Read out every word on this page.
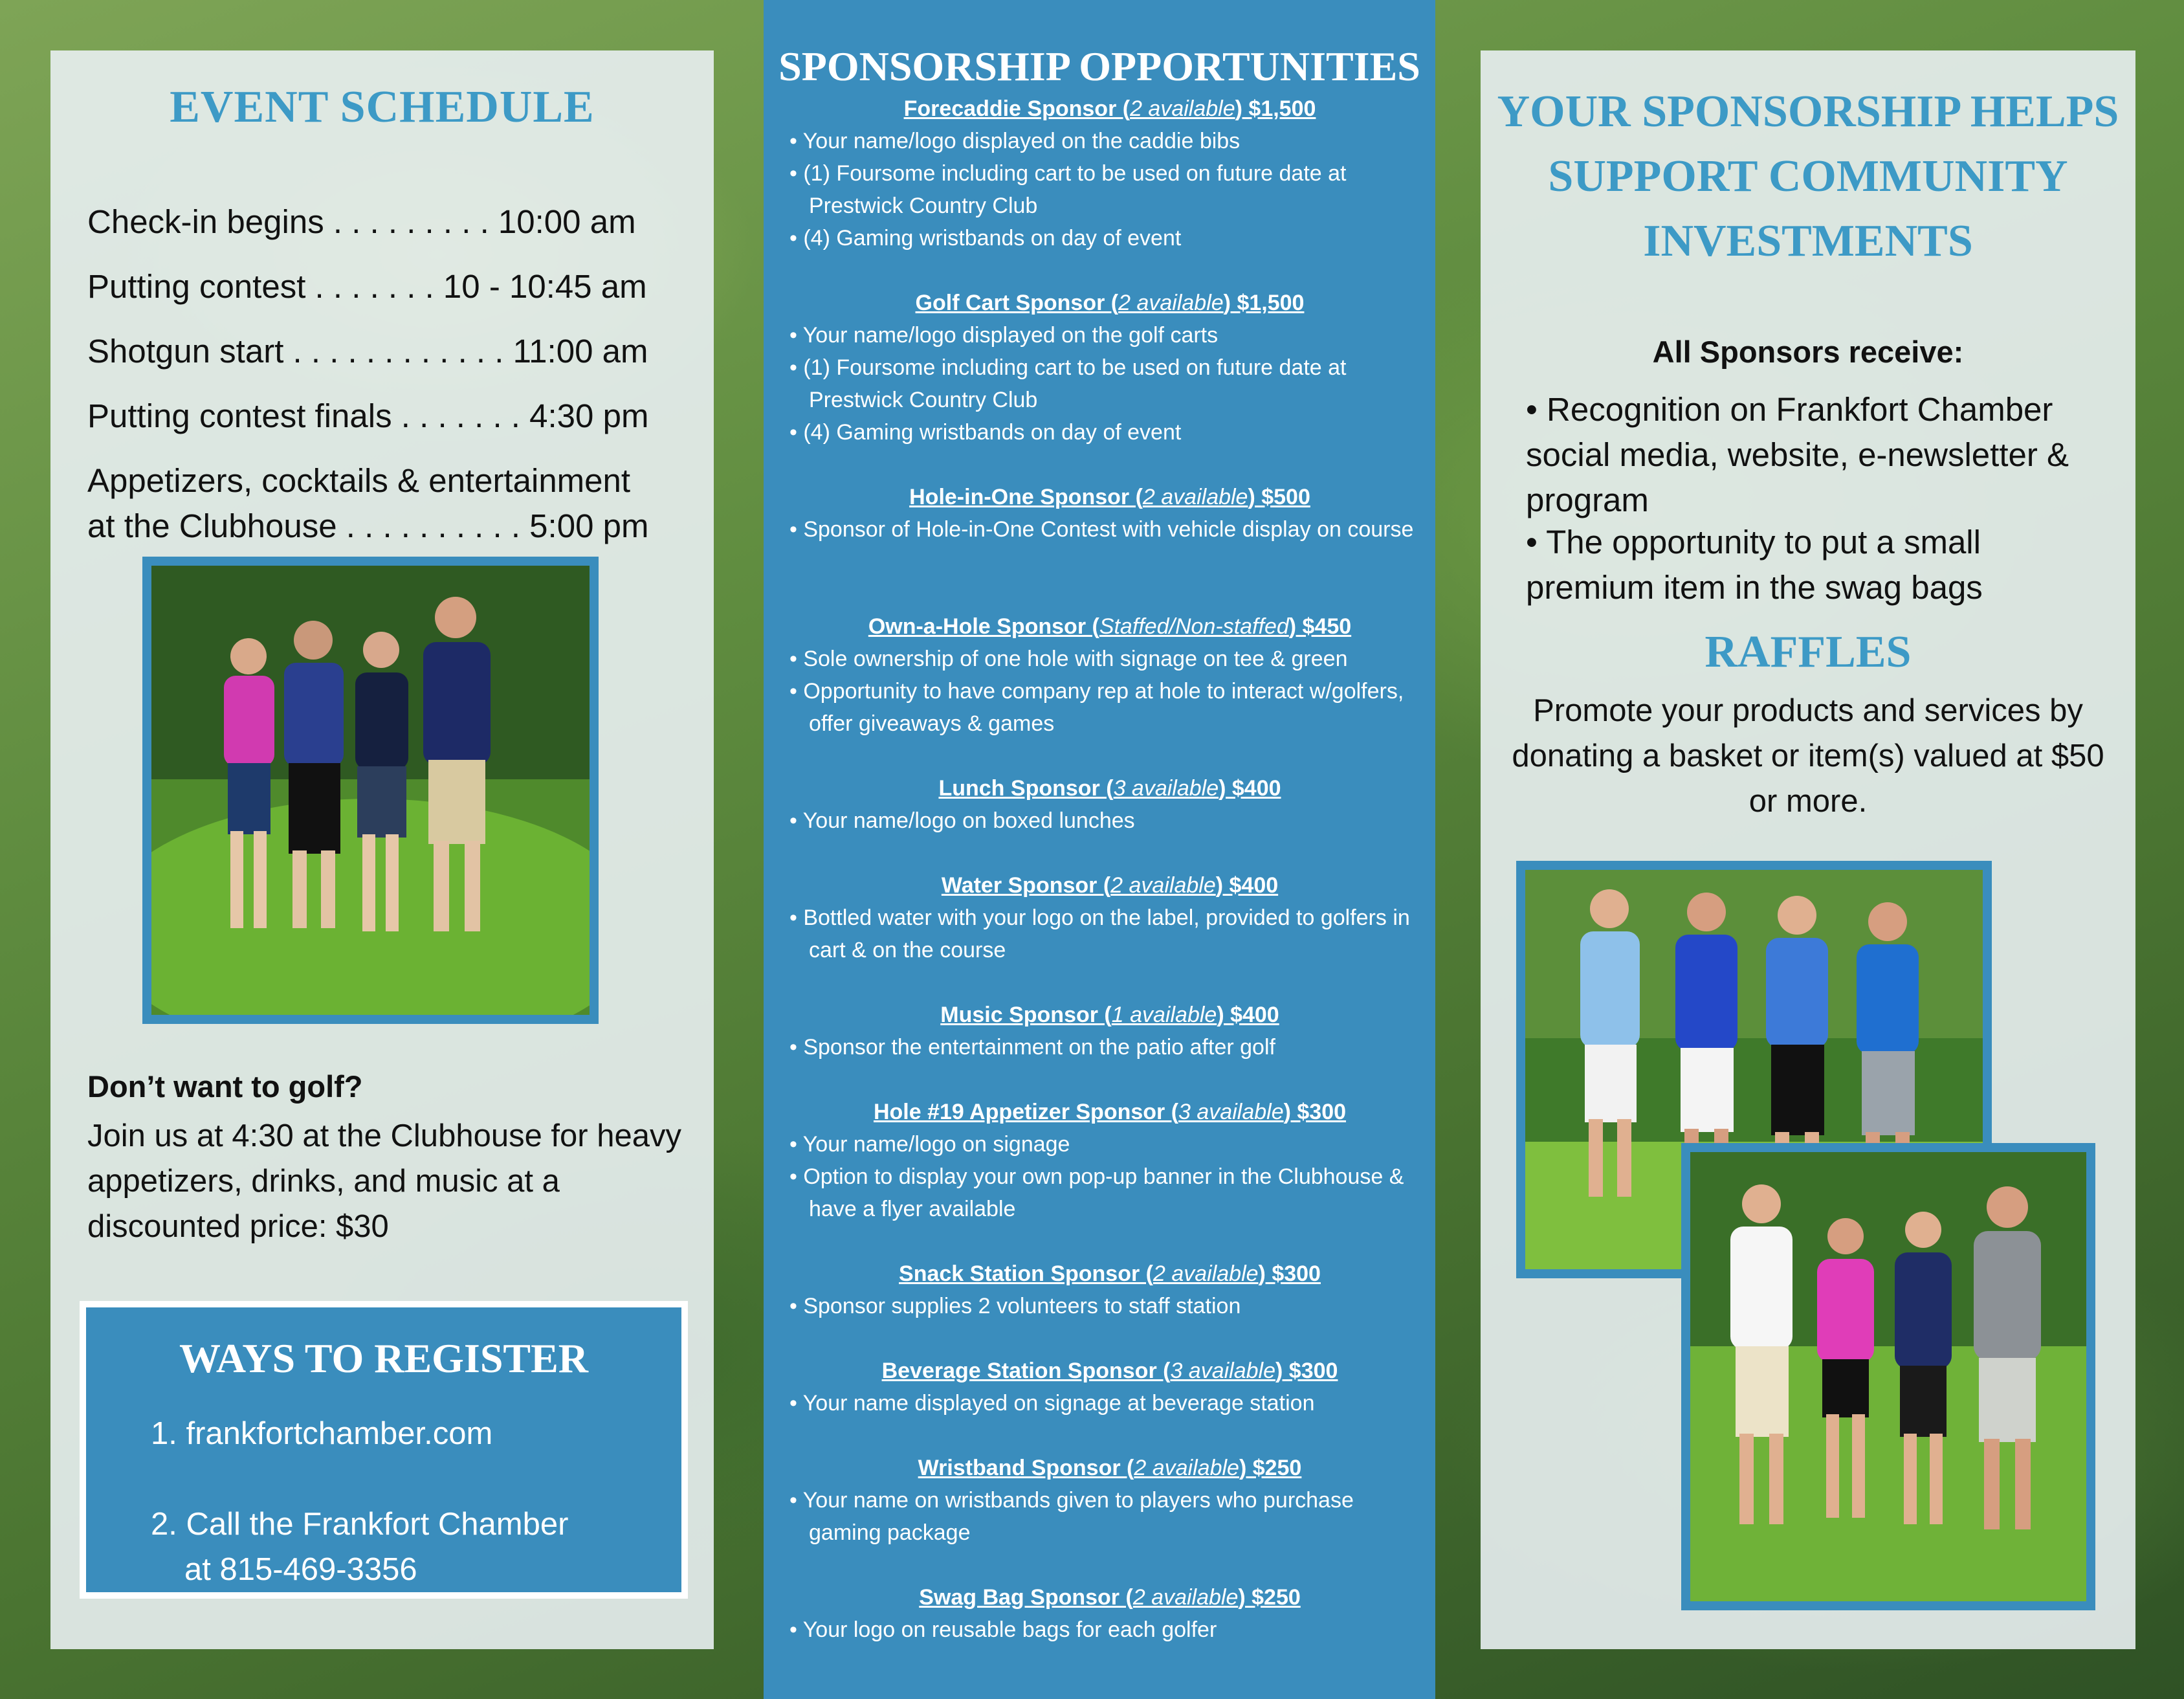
EVENT SCHEDULE
Check-in begins . . . . . . . . . 10:00 am
Putting contest . . . . . . . 10 - 10:45 am
Shotgun start . . . . . . . . . . . . 11:00 am
Putting contest finals . . . . . . . 4:30 pm
Appetizers, cocktails & entertainment
at the Clubhouse . . . . . . . . . . 5:00 pm
Don’t want to golf?
Join us at 4:30 at the Clubhouse for heavy appetizers, drinks, and music at a discounted price: $30
WAYS TO REGISTER
1. frankfortchamber.com
2. Call the Frankfort Chamber
at 815-469-3356
SPONSORSHIP OPPORTUNITIES
Forecaddie Sponsor (2 available) $1,500
• Your name/logo displayed on the caddie bibs
• (1) Foursome including cart to be used on future date at Prestwick Country Club
• (4) Gaming wristbands on day of event
Golf Cart Sponsor (2 available) $1,500
• Your name/logo displayed on the golf carts
• (1) Foursome including cart to be used on future date at Prestwick Country Club
• (4) Gaming wristbands on day of event
Hole-in-One Sponsor (2 available) $500
• Sponsor of Hole-in-One Contest with vehicle display on course
Own-a-Hole Sponsor (Staffed/Non-staffed) $450
• Sole ownership of one hole with signage on tee & green
• Opportunity to have company rep at hole to interact w/golfers, offer giveaways & games
Lunch Sponsor (3 available) $400
• Your name/logo on boxed lunches
Water Sponsor (2 available) $400
• Bottled water with your logo on the label, provided to golfers in cart & on the course
Music Sponsor (1 available) $400
• Sponsor the entertainment on the patio after golf
Hole #19 Appetizer Sponsor (3 available) $300
• Your name/logo on signage
• Option to display your own pop-up banner in the Clubhouse & have a flyer available
Snack Station Sponsor (2 available) $300
• Sponsor supplies 2 volunteers to staff station
Beverage Station Sponsor (3 available) $300
• Your name displayed on signage at beverage station
Wristband Sponsor (2 available) $250
• Your name on wristbands given to players who purchase gaming package
Swag Bag Sponsor (2 available) $250
• Your logo on reusable bags for each golfer
YOUR SPONSORSHIP HELPS
SUPPORT COMMUNITY
INVESTMENTS
All Sponsors receive:
• Recognition on Frankfort Chamber social media, website, e-newsletter & program
• The opportunity to put a small premium item in the swag bags
RAFFLES
Promote your products and services by donating a basket or item(s) valued at $50 or more.
